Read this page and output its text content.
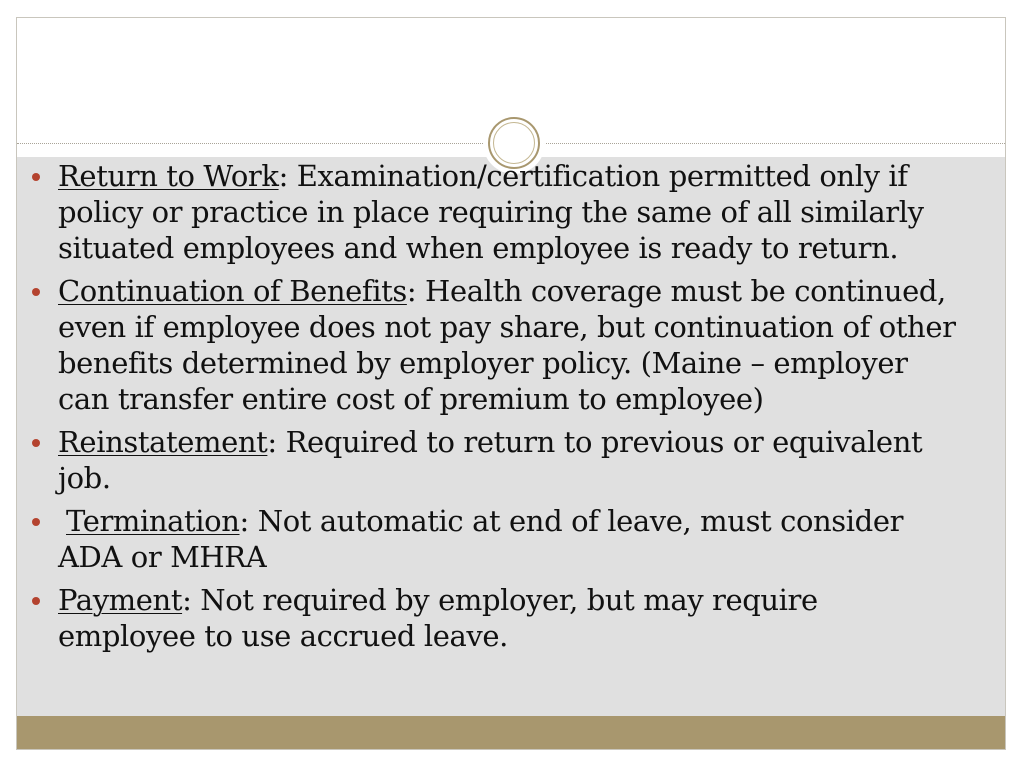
Return to Work: Examination/certification permitted only if policy or practice in place requiring the same of all similarly situated employees and when employee is ready to return.
Continuation of Benefits: Health coverage must be continued, even if employee does not pay share, but continuation of other benefits determined by employer policy. (Maine – employer can transfer entire cost of premium to employee)
Reinstatement: Required to return to previous or equivalent job.
Termination: Not automatic at end of leave, must consider ADA or MHRA
Payment: Not required by employer, but may require employee to use accrued leave.
